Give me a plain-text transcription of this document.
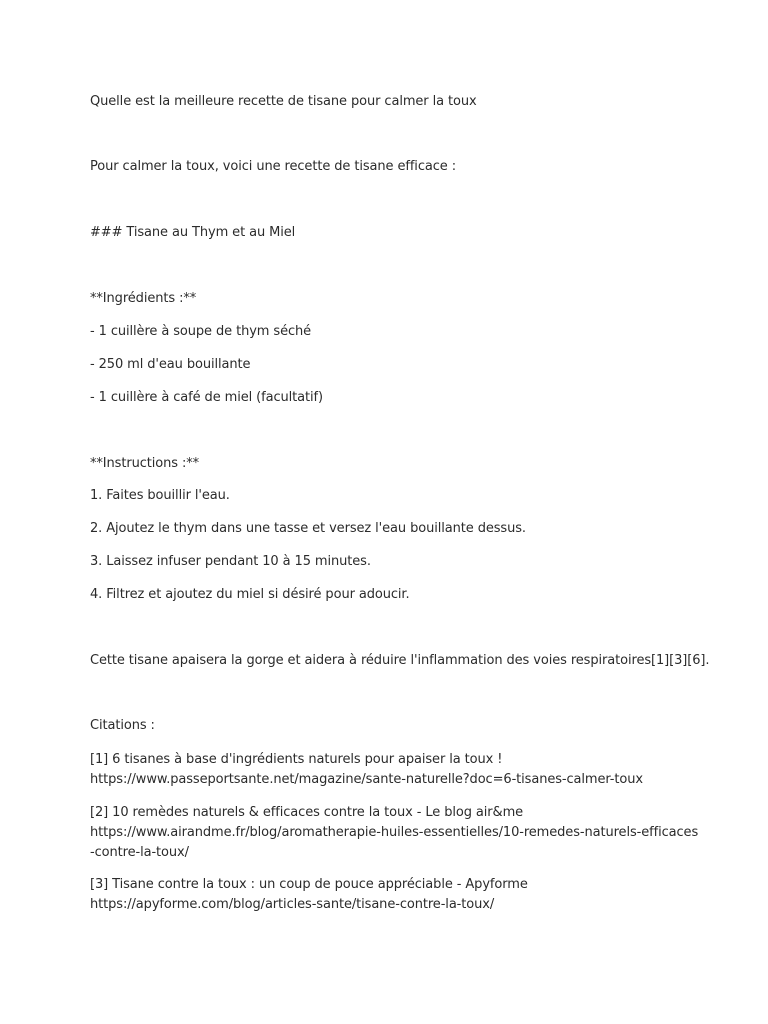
Quelle est la meilleure recette de tisane pour calmer la toux
Pour calmer la toux, voici une recette de tisane efficace :
### Tisane au Thym et au Miel
**Ingrédients :**
- 1 cuillère à soupe de thym séché
- 250 ml d'eau bouillante
- 1 cuillère à café de miel (facultatif)
**Instructions :**
1. Faites bouillir l'eau.
2. Ajoutez le thym dans une tasse et versez l'eau bouillante dessus.
3. Laissez infuser pendant 10 à 15 minutes.
4. Filtrez et ajoutez du miel si désiré pour adoucir.
Cette tisane apaisera la gorge et aidera à réduire l'inflammation des voies respiratoires[1][3][6].
Citations :
[1] 6 tisanes à base d'ingrédients naturels pour apaiser la toux !
https://www.passeportsante.net/magazine/sante-naturelle?doc=6-tisanes-calmer-toux
[2] 10 remèdes naturels & efficaces contre la toux - Le blog air&me
https://www.airandme.fr/blog/aromatherapie-huiles-essentielles/10-remedes-naturels-efficaces
-contre-la-toux/
[3] Tisane contre la toux : un coup de pouce appréciable - Apyforme
https://apyforme.com/blog/articles-sante/tisane-contre-la-toux/
